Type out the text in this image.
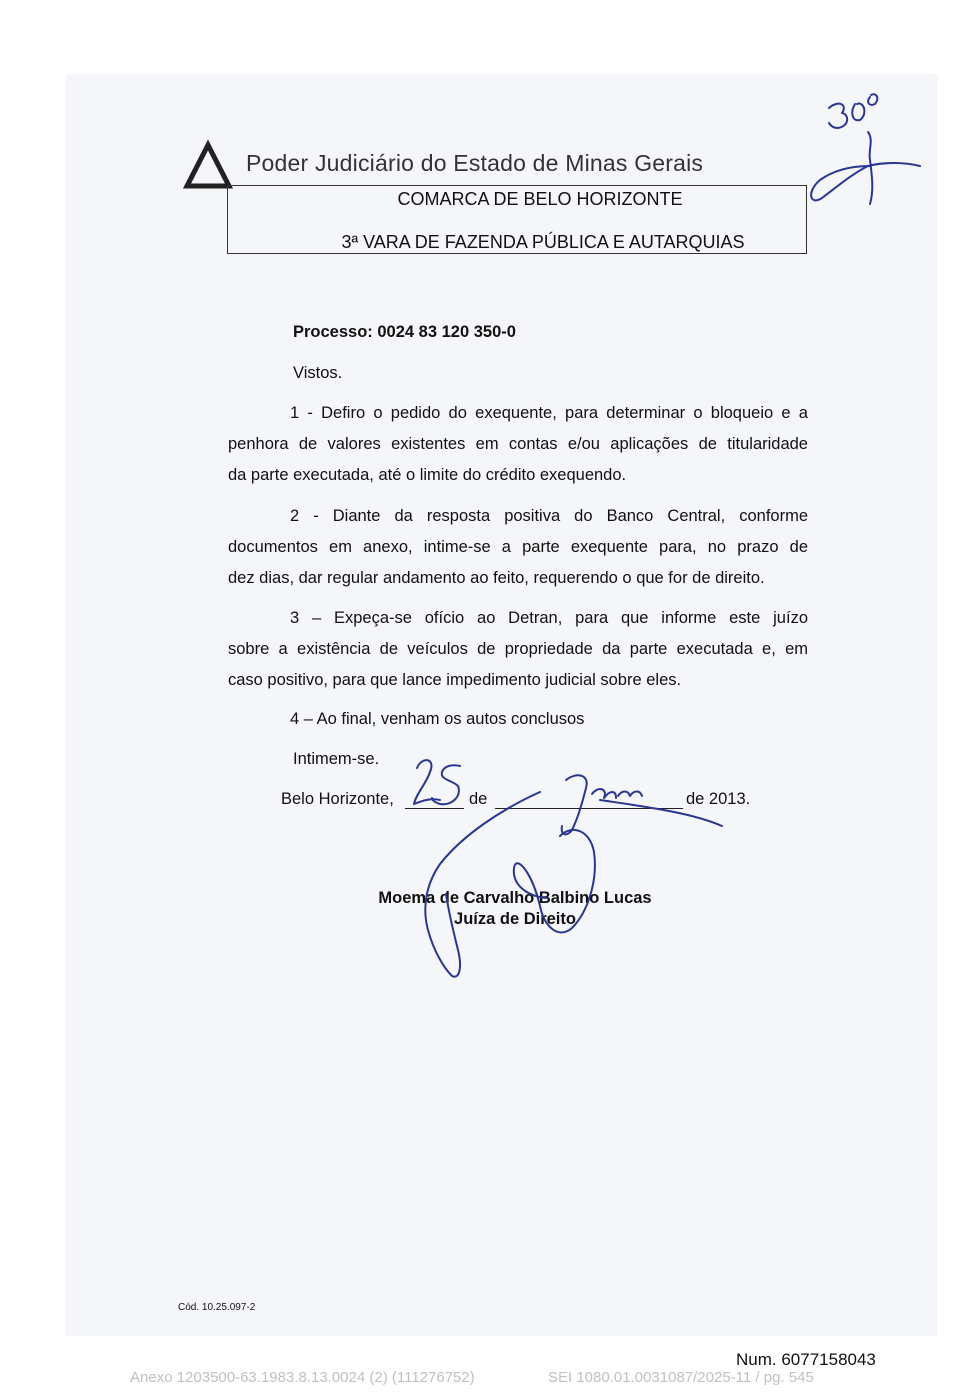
Poder Judiciário do Estado de Minas Gerais
COMARCA DE BELO HORIZONTE
3ª VARA DE FAZENDA PÚBLICA E AUTARQUIAS
Processo: 0024 83 120 350-0
Vistos.
1 - Defiro o pedido do exequente, para determinar o bloqueio e a
penhora de valores existentes em contas e/ou aplicações de titularidade
da parte executada, até o limite do crédito exequendo.
2 - Diante da resposta positiva do Banco Central, conforme
documentos em anexo, intime-se a parte exequente para, no prazo de
dez dias, dar regular andamento ao feito, requerendo o que for de direito.
3 – Expeça-se ofício ao Detran, para que informe este juízo
sobre a existência de veículos de propriedade da parte executada e, em
caso positivo, para que lance impedimento judicial sobre eles.
4 – Ao final, venham os autos conclusos
Intimem-se.
Belo Horizonte,	de	de 2013.
Moema de Carvalho Balbino Lucas
Juíza de Direito
Cód. 10.25.097-2
Num. 6077158043
Anexo 1203500-63.1983.8.13.0024 (2) (111276752)	SEI 1080.01.0031087/2025-11 / pg. 545
